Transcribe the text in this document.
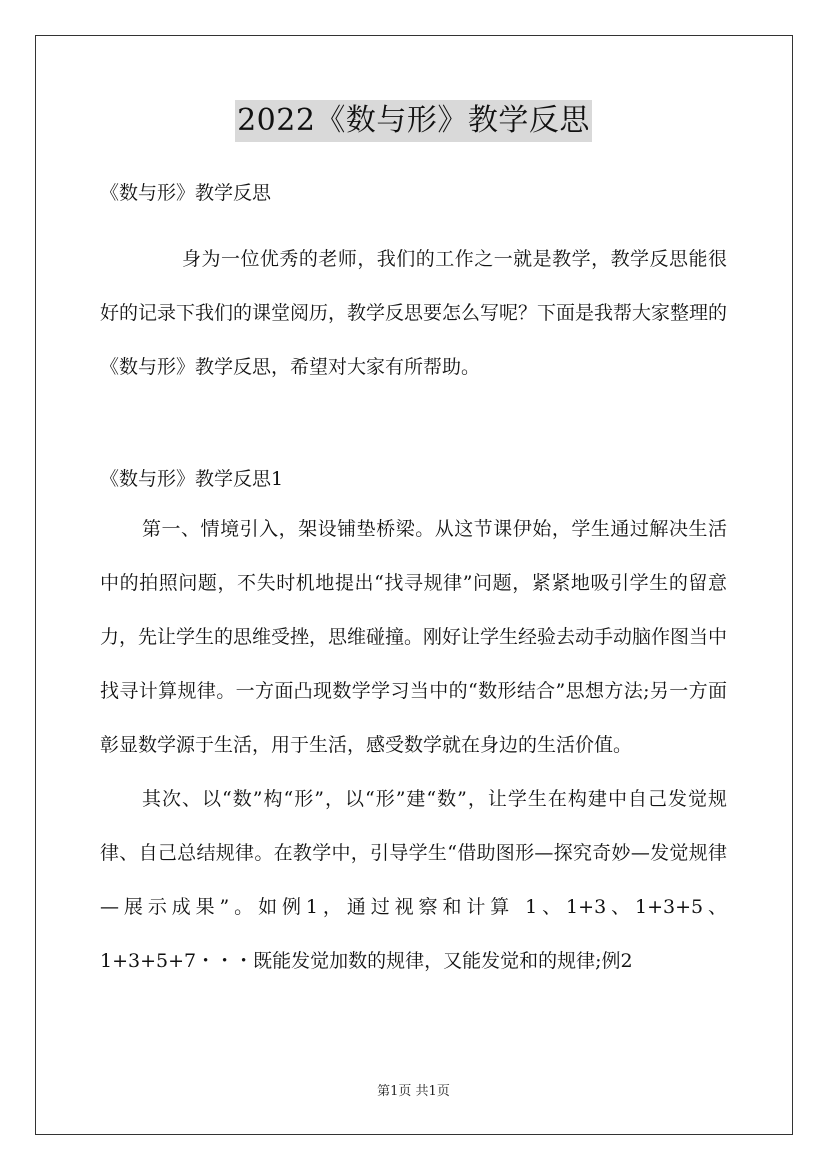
2022《数与形》教学反思

《数与形》教学反思

身为一位优秀的老师，我们的工作之一就是教学，教学反思能很好的记录下我们的课堂阅历，教学反思要怎么写呢？下面是我帮大家整理的《数与形》教学反思，希望对大家有所帮助。

《数与形》教学反思1

第一、情境引入，架设铺垫桥梁。从这节课伊始，学生通过解决生活中的拍照问题，不失时机地提出“找寻规律”问题，紧紧地吸引学生的留意力，先让学生的思维受挫，思维碰撞。刚好让学生经验去动手动脑作图当中找寻计算规律。一方面凸现数学学习当中的“数形结合”思想方法;另一方面彰显数学源于生活，用于生活，感受数学就在身边的生活价值。

其次、以“数”构“形”，以“形”建“数”，让学生在构建中自己发觉规律、自己总结规律。在教学中，引导学生“借助图形—探究奇妙—发觉规律—展示成果”。如例1，通过视察和计算 1、1+3、1+3+5、1+3+5+7・・・既能发觉加数的规律，又能发觉和的规律;例2

第1页 共1页
